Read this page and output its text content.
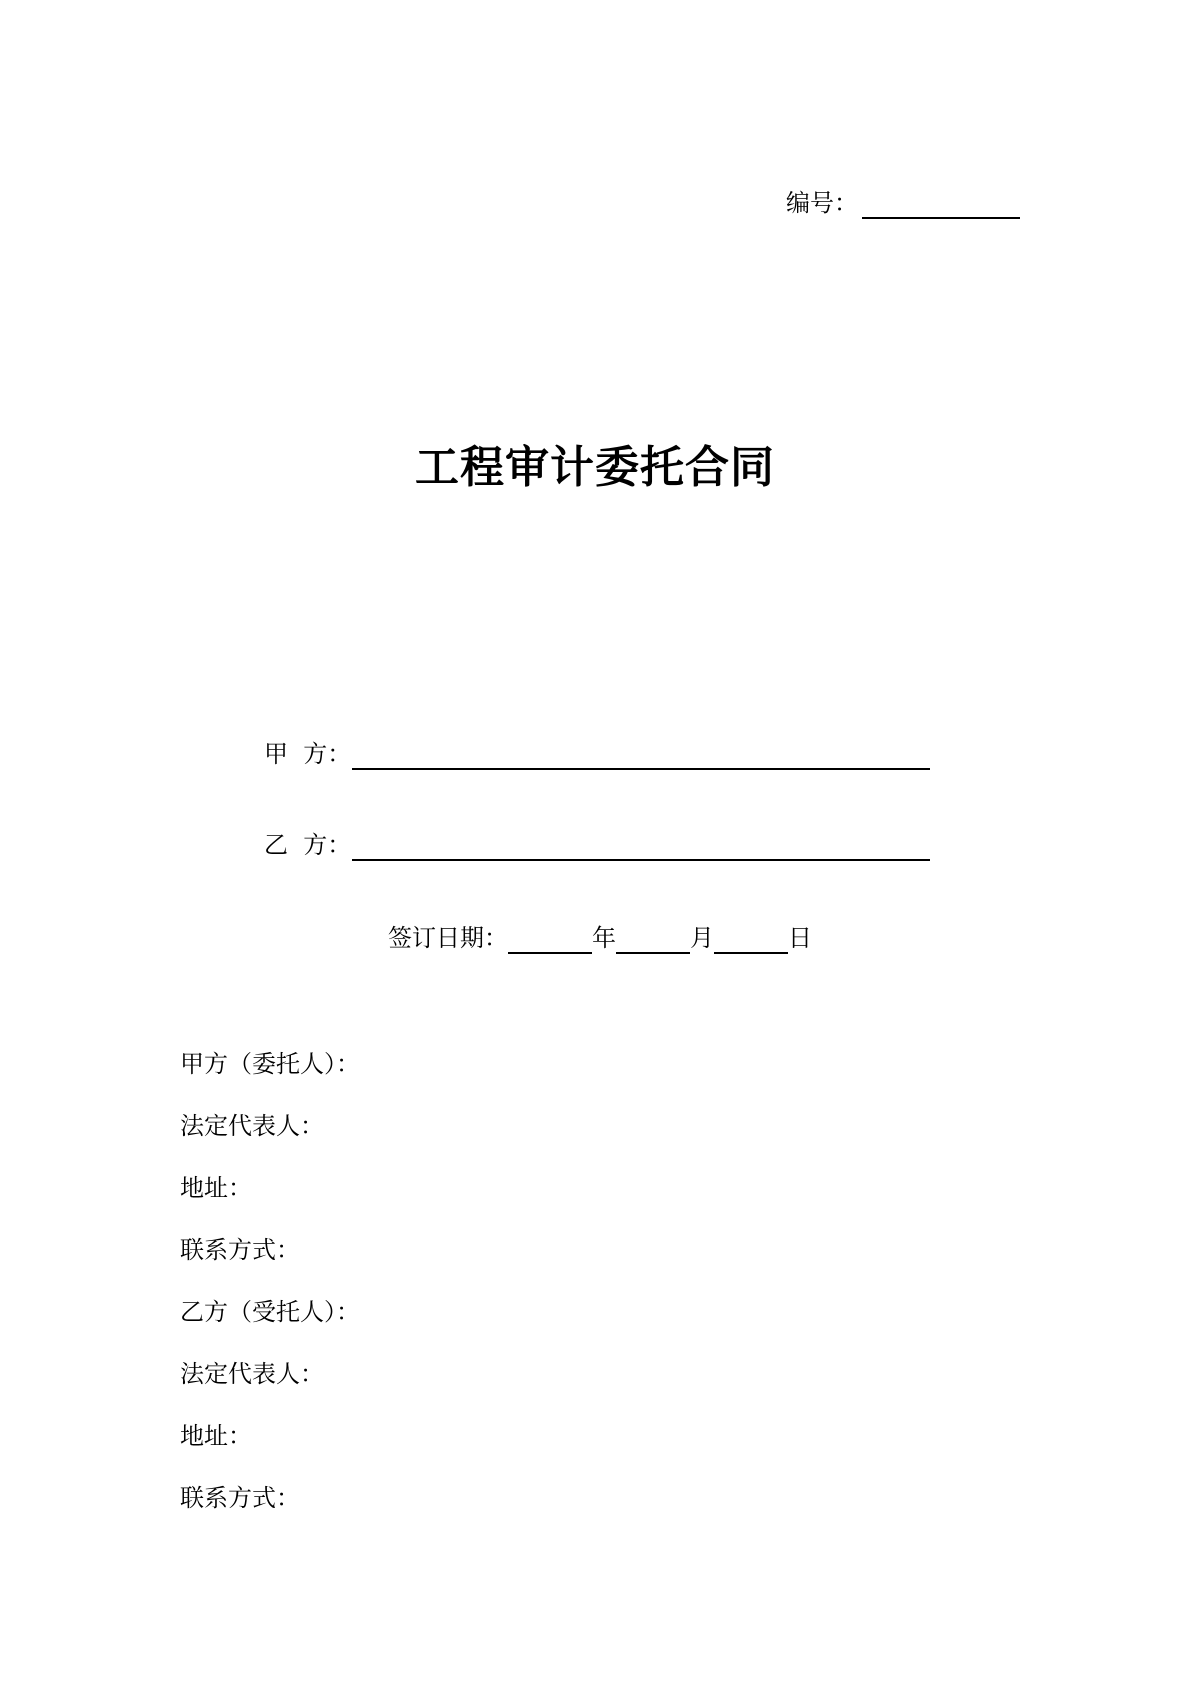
编号：
工程审计委托合同
甲  方：
乙  方：
签订日期：	年	月	日
甲方（委托人）：
法定代表人：
地址：
联系方式：
乙方（受托人）：
法定代表人：
地址：
联系方式：
